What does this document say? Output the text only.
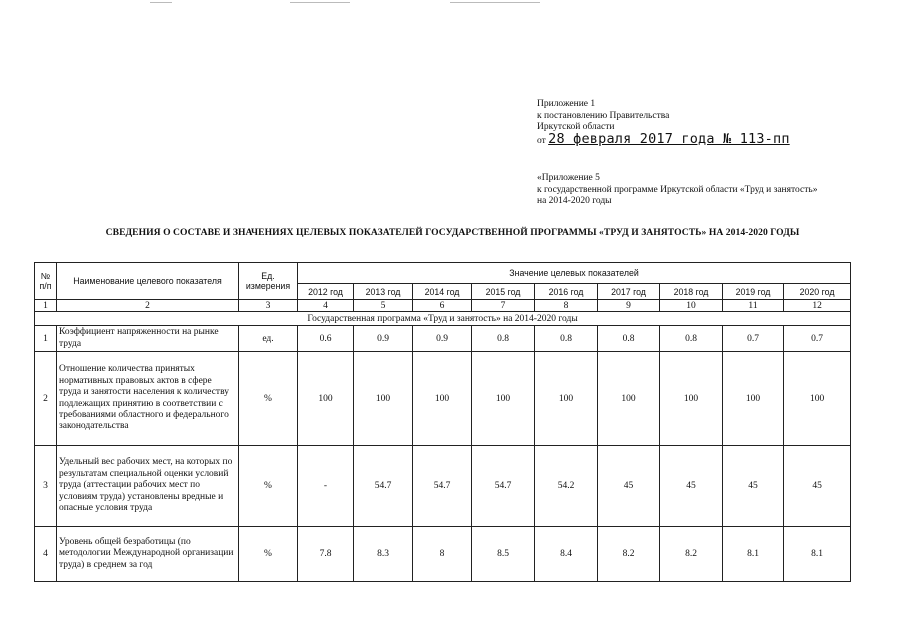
Приложение 1
к постановлению Правительства
Иркутской области
от 28 февраля 2017 года № 113-пп
«Приложение 5
к государственной программе Иркутской области «Труд и занятость»
на 2014-2020 годы
СВЕДЕНИЯ О СОСТАВЕ И ЗНАЧЕНИЯХ ЦЕЛЕВЫХ ПОКАЗАТЕЛЕЙ ГОСУДАРСТВЕННОЙ ПРОГРАММЫ «ТРУД И ЗАНЯТОСТЬ» НА 2014-2020 ГОДЫ
№ п/п	Наименование целевого показателя	Ед. измерения	Значение целевых показателей								
			2012 год	2013 год	2014 год	2015 год	2016 год	2017 год	2018 год	2019 год	2020 год
1	2	3	4	5	6	7	8	9	10	11	12
Государственная программа «Труд и занятость» на 2014-2020 годы											
1	Коэффициент напряженности на рынке труда	ед.	0.6	0.9	0.9	0.8	0.8	0.8	0.8	0.7	0.7
2	Отношение количества принятых нормативных правовых актов в сфере труда и занятости населения к количеству подлежащих принятию в соответствии с требованиями областного и федерального законодательства	%	100	100	100	100	100	100	100	100	100
3	Удельный вес рабочих мест, на которых по результатам специальной оценки условий труда (аттестации рабочих мест по условиям труда) установлены вредные и опасные условия труда	%	-	54.7	54.7	54.7	54.2	45	45	45	45
4	Уровень общей безработицы (по методологии Международной организации труда) в среднем за год	%	7.8	8.3	8	8.5	8.4	8.2	8.2	8.1	8.1
